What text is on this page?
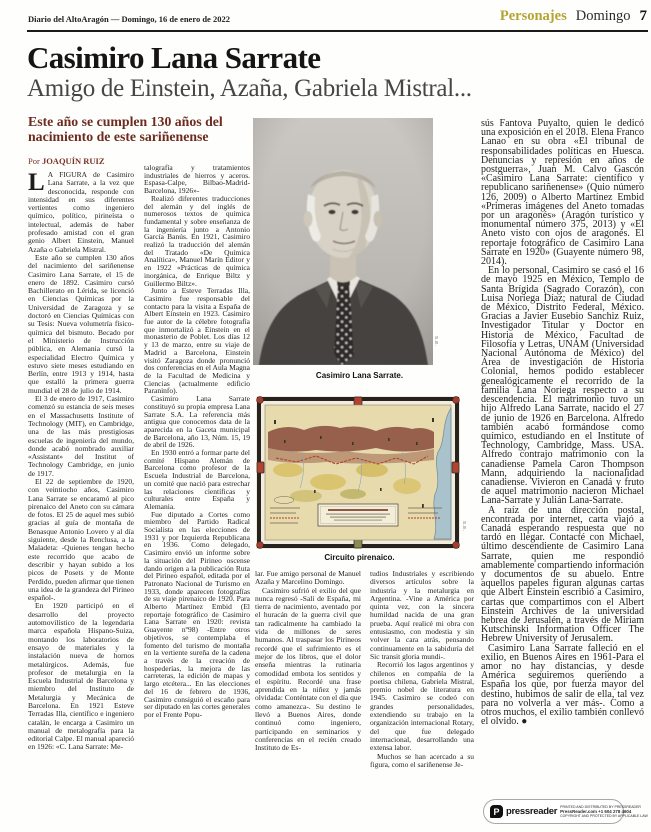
Diario del AltoAragón — Domingo, 16 de enero de 2022	Personajes Domingo 7
Casimiro Lana Sarrate
Amigo de Einstein, Azaña, Gabriela Mistral...
Este año se cumplen 130 años del
nacimiento de este sariñenense
Por JOAQUÍN RUIZ

L A FIGURA de Casimiro Lana Sarrate, a la vez que desconocida, responde con intensidad en sus diferentes vertientes como ingeniero químico, político, pirineísta o intelectual, además de haber profesado amistad con el gran genio Albert Einstein, Manuel Azaña o Gabriela Mistral.

Este año se cumplen 130 años del nacimiento del sariñenense Casimiro Lana Sarrate, el 15 de enero de 1892. Casimiro cursó Bachillerato en Lérida, se licenció en Ciencias Químicas por la Universidad de Zaragoza y se doctoró en Ciencias Químicas con su Tesis: Nueva volumetría físico-química del bismuto. Becado por el Ministerio de Instrucción pública, en Alemania cursó la especialidad Electro Química y estuvo siete meses estudiando en Berlín, entre 1913 y 1914, hasta que estalló la primera guerra mundial el 28 de julio de 1914.

El 3 de enero de 1917, Casimiro comenzó su estancia de seis meses en el Massachusetts Institute of Technology (MIT), en Cambridge, una de las más prestigiosas escuelas de ingeniería del mundo, donde acabó nombrado auxiliar «Assistant» del Institut of Technology Cambridge, en junio de 1917.

El 22 de septiembre de 1920, con veintiocho años, Casimiro Lana Sarrate se encaramó al pico pirenaico del Aneto con su cámara de fotos. El 25 de aquel mes subió gracias al guía de montaña de Benasque Antonio Lovero y al día siguiente, desde la Renclusa, a la Maladeta: -Quienes tengan hecho este recorrido que acabo de describir y hayan subido a los picos de Posets y de Monte Perdido, pueden afirmar que tienen una idea de la grandeza del Pirineo español-.

En 1920 participó en el desarrollo del proyecto automovilístico de la legendaria marca española Hispano-Suiza, montando los laboratorios de ensayo de materiales y la instalación nueva de hornos metalúrgicos. Además, fue profesor de metalurgia en la Escuela Industrial de Barcelona y miembro del Instituto de Metalurgia y Mecánica de Barcelona. En 1921 Esteve Terradas Illa, científico e ingeniero catalán, le encarga a Casimiro un manual de metalografía para la editorial Calpe. El manual apareció en 1926: «C. Lana Sarrate: Me-

talografía y tratamientos industriales de hierros y aceros. Espasa-Calpe, Bilbao-Madrid-Barcelona, 1926»-

Realizó diferentes traducciones del alemán y del inglés de numerosos textos de química fundamental y sobre enseñanza de la ingeniería junto a Antonio García Banús. En 1921, Casimiro realizó la traducción del alemán del Tratado «De Química Analítica», Manuel Marín Editor y en 1922 «Prácticas de química inorgánica, de Enrique Biltz y Guillermo Biltz».

Junto a Esteve Terradas Illa, Casimiro fue responsable del contacto para la visita a España de Albert Einstein en 1923. Casimiro fue autor de la célebre fotografía que inmortalizó a Einstein en el monasterio de Poblet. Los días 12 y 13 de marzo, entre su viaje de Madrid a Barcelona, Einstein visitó Zaragoza donde pronunció dos conferencias en el Aula Magna de la Facultad de Medicina y Ciencias (actualmente edificio Paraninfo).

Casimiro Lana Sarrate constituyó su propia empresa Lana Sarrate S.A. La referencia más antigua que conocemos data de la aparecida en la Gaceta municipal de Barcelona, año 13, Núm. 15, 19 de abril de 1926.

En 1930 entró a formar parte del comité Hispano Alemán de Barcelona como profesor de la Escuela Industrial de Barcelona, un comité que nació para estrechar las relaciones científicas y culturales entre España y Alemania.

Fue diputado a Cortes como miembro del Partido Radical Socialista en las elecciones de 1931 y por Izquierda Republicana en 1936. Como delegado, Casimiro envió un informe sobre la situación del Pirineo oscense dando origen a la publicación Ruta del Pirineo español, editada por el Patronato Nacional de Turismo en 1933, donde aparecen fotografías de su viaje pirenaico de 1920. Para Alberto Martínez Embid (El reportaje fotográfico de Casimiro Lana Sarrate en 1920: revista Guayente nº98) -Entre otros objetivos, se contemplaba el fomento del turismo de montaña en la vertiente sureña de la cadena a través de la creación de hospederías, la mejora de las carreteras, la edición de mapas y largo etcétera... En las elecciones del 16 de febrero de 1936, Casimiro consiguió el escaño para ser diputado en las cortes generales por el Frente Popu-

lar. Fue amigo personal de Manuel Azaña y Marcelino Domingo.

Casimiro sufrió el exilio del que nunca regresó -Salí de España, mi tierra de nacimiento, aventado por el huracán de la guerra civil que tan radicalmente ha cambiado la vida de millones de seres humanos. Al traspasar los Pirineos recordé que el sufrimiento es el mejor de los libros, que el dolor enseña mientras la rutinaria comodidad embota los sentidos y el espíritu. Recordé una frase aprendida en la niñez y jamás olvidada: Conténtate con el día que como amanezca-. Su destino le llevó a Buenos Aires, donde continuó como ingeniero, participando en seminarios y conferencias en el recién creado Instituto de Es-

tudios Industriales y escribiendo diversos artículos sobre la industria y la metalurgia en Argentina. -Vine a América por quinta vez, con la sincera humildad nacida de una gran prueba. Aquí realicé mi obra con entusiasmo, con modestia y sin volver la cara atrás, pensando continuamente en la sabiduría del Sic transit gloria mundi-.

Recorrió los lagos argentinos y chilenos en compañía de la poetisa chilena, Gabriela Mistral, premio nobel de literatura en 1945. Casimiro se codeó con grandes personalidades, extendiendo su trabajo en la organización internacional Rotary, del que fue delegado internacional, desarrollando una extensa labor.

Muchos se han acercado a su figura, como el sariñenense Je-

sús Fantova Puyalto, quien le dedicó una exposición en el 2018. Elena Franco Lanao en su obra «El tribunal de responsabilidades políticas en Huesca. Denuncias y represión en años de postguerra», Juan M. Calvo Gascón «Casimiro Lana Sarrate: científico y republicano sariñenense» (Quio número 126, 2009) o Alberto Martínez Embid «Primeras imágenes del Aneto tomadas por un aragonés» (Aragón turístico y monumental número 375, 2013) y «El Aneto visto con ojos de aragonés. El reportaje fotográfico de Casimiro Lana Sarrate en 1920» (Guayente número 98, 2014).

En lo personal, Casimiro se casó el 16 de mayo 1925 en México, Templo de Santa Brígida (Sagrado Corazón), con Luisa Noriega Díaz; natural de Ciudad de México, Distrito Federal, México. Gracias a Javier Eusebio Sanchiz Ruiz, Investigador Titular y Doctor en Historia de México, Facultad de Filosofía y Letras, UNAM (Universidad Nacional Autónoma de México) del Área de investigación de Historia Colonial, hemos podido establecer genealógicamente el recorrido de la familia Lana Noriega respecto a su descendencia. El matrimonio tuvo un hijo Alfredo Lana Sarrate, nacido el 27 de junio de 1926 en Barcelona. Alfredo también acabó formándose como químico, estudiando en el Institute of Technology, Cambridge, Mass. USA. Alfredo contrajo matrimonio con la canadiense Pamela Caron Thompson Mann, adquiriendo la nacionalidad canadiense. Vivieron en Canadá y fruto de aquel matrimonio nacieron Michael Lana-Sarrate y Julián Lana-Sarrate.

A raíz de una dirección postal, encontrada por internet, carta viajó a Canadá esperando respuesta que no tardó en llegar. Contacté con Michael, último descendiente de Casimiro Lana Sarrate, quien me respondió amablemente compartiendo información y documentos de su abuelo. Entre aquellos papeles figuran algunas cartas que Albert Einstein escribió a Casimiro, cartas que compartimos con el Albert Einstein Archives de la universidad hebrea de Jerusalén, a través de Miriam Kutschinski Information Officer The Hebrew University of Jerusalem.

Casimiro Lana Sarrate falleció en el exilio, en Buenos Aires en 1961-Para el amor no hay distancias, y desde América seguiremos queriendo a España los que, por fuerza mayor del destino, hubimos de salir de ella, tal vez para no volverla a ver más-. Como a otros muchos, el exilio también conllevó el olvido. ●

Casimiro Lana Sarrate.
S.E.
Circuito pirenaico.
S.E.
P pressreader PRINTED AND DISTRIBUTED BY PRESSREADER
PressReader.com +1 604 278 4604
COPYRIGHT AND PROTECTED BY APPLICABLE LAW
